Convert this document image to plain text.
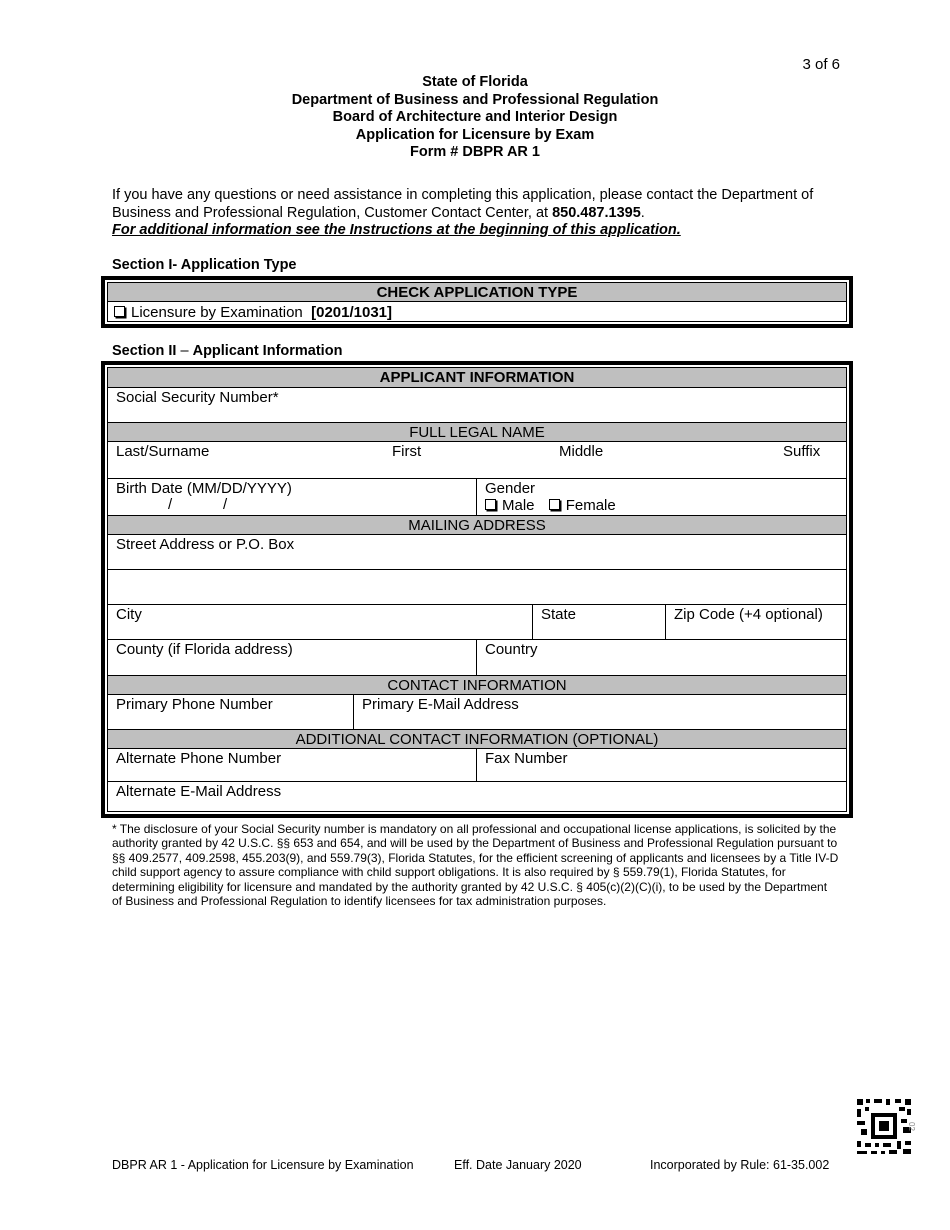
3 of 6
State of Florida
Department of Business and Professional Regulation
Board of Architecture and Interior Design
Application for Licensure by Exam
Form # DBPR AR 1
If you have any questions or need assistance in completing this application, please contact the Department of Business and Professional Regulation, Customer Contact Center, at 850.487.1395.
For additional information see the Instructions at the beginning of this application.
Section I- Application Type
CHECK APPLICATION TYPE
Licensure by Examination [0201/1031]
Section II – Applicant Information
APPLICANT INFORMATION
Social Security Number*
FULL LEGAL NAME
Last/Surname	First	Middle	Suffix
Birth Date (MM/DD/YYYY)
/	/
Gender
Male Female
MAILING ADDRESS
Street Address or P.O. Box
City	State	Zip Code (+4 optional)
County (if Florida address)	Country
CONTACT INFORMATION
Primary Phone Number	Primary E-Mail Address
ADDITIONAL CONTACT INFORMATION (OPTIONAL)
Alternate Phone Number	Fax Number
Alternate E-Mail Address
* The disclosure of your Social Security number is mandatory on all professional and occupational license applications, is solicited by the authority granted by 42 U.S.C. §§ 653 and 654, and will be used by the Department of Business and Professional Regulation pursuant to §§ 409.2577, 409.2598, 455.203(9), and 559.79(3), Florida Statutes, for the efficient screening of applicants and licensees by a Title IV-D child support agency to assure compliance with child support obligations. It is also required by § 559.79(1), Florida Statutes, for determining eligibility for licensure and mandated by the authority granted by 42 U.S.C. § 405(c)(2)(C)(i), to be used by the Department of Business and Professional Regulation to identify licensees for tax administration purposes.
02
DBPR AR 1 - Application for Licensure by Examination	Eff. Date January 2020	Incorporated by Rule: 61-35.002
